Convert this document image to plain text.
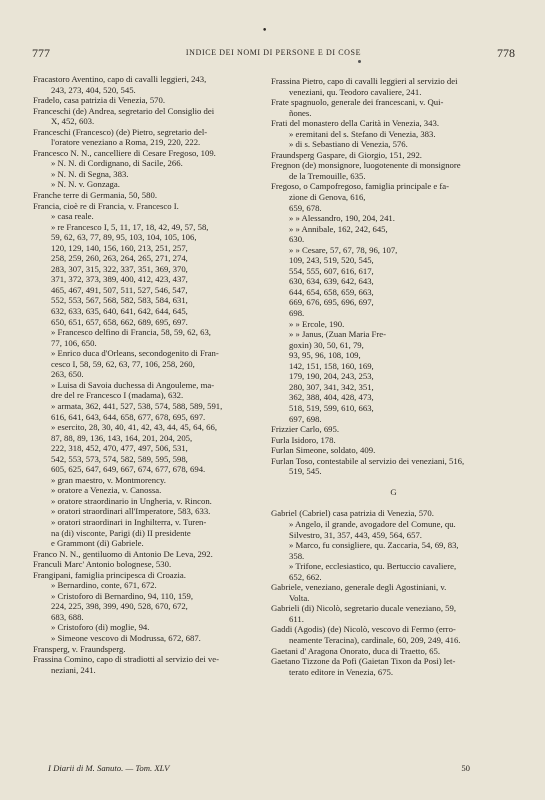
•
777	INDICE DEI NOMI DI PERSONE E DI COSE	778
Fracastoro Aventino, capo di cavalli leggieri, 243,
243, 273, 404, 520, 545.
Fradelo, casa patrizia di Venezia, 570.
Franceschi (de) Andrea, segretario del Consiglio dei
X, 452, 603.
Franceschi (Francesco) (de) Pietro, segretario del-
l'oratore veneziano a Roma, 219, 220, 222.
Francesco N. N., cancelliere di Cesare Fregoso, 109.
» N. N. di Cordignano, di Sacile, 266.
» N. N. di Segna, 383.
» N. N. v. Gonzaga.
Franche terre di Germania, 50, 580.
Francia, cioè re di Francia, v. Francesco I.
» casa reale.
» re Francesco I, 5, 11, 17, 18, 42, 49, 57, 58,
59, 62, 63, 77, 89, 95, 103, 104, 105, 106,
120, 129, 140, 156, 160, 213, 251, 257,
258, 259, 260, 263, 264, 265, 271, 274,
283, 307, 315, 322, 337, 351, 369, 370,
371, 372, 373, 389, 400, 412, 423, 437,
465, 467, 491, 507, 511, 527, 546, 547,
552, 553, 567, 568, 582, 583, 584, 631,
632, 633, 635, 640, 641, 642, 644, 645,
650, 651, 657, 658, 662, 689, 695, 697.
» Francesco delfino di Francia, 58, 59, 62, 63,
77, 106, 650.
» Enrico duca d'Orleans, secondogenito di Fran-
cesco I, 58, 59, 62, 63, 77, 106, 258, 260,
263, 650.
» Luisa di Savoia duchessa di Angouleme, ma-
dre del re Francesco I (madama), 632.
» armata, 362, 441, 527, 538, 574, 588, 589, 591,
616, 641, 643, 644, 658, 677, 678, 695, 697.
» esercito, 28, 30, 40, 41, 42, 43, 44, 45, 64, 66,
87, 88, 89, 136, 143, 164, 201, 204, 205,
222, 318, 452, 470, 477, 497, 506, 531,
542, 553, 573, 574, 582, 589, 595, 598,
605, 625, 647, 649, 667, 674, 677, 678, 694.
» gran maestro, v. Montmorency.
» oratore a Venezia, v. Canossa.
» oratore straordinario in Ungheria, v. Rincon.
» oratori straordinari all'Imperatore, 583, 633.
» oratori straordinari in Inghilterra, v. Turen-
na (di) visconte, Parigi (di) II presidente
e Grammont (di) Gabriele.
Franco N. N., gentiluomo di Antonio De Leva, 292.
Franculi Marc' Antonio bolognese, 530.
Frangipani, famiglia principesca di Croazia.
» Bernardino, conte, 671, 672.
» Cristoforo di Bernardino, 94, 110, 159,
224, 225, 398, 399, 490, 528, 670, 672,
683, 688.
» Cristoforo (di) moglie, 94.
» Simeone vescovo di Modrussa, 672, 687.
Fransperg, v. Fraundsperg.
Frassina Comino, capo di stradiotti al servizio dei ve-
neziani, 241.
Frassina Pietro, capo di cavalli leggieri al servizio dei
veneziani, qu. Teodoro cavaliere, 241.
Frate spagnuolo, generale dei francescani, v. Qui-
ñones.
Frati del monastero della Carità in Venezia, 343.
» eremitani del s. Stefano di Venezia, 383.
» di s. Sebastiano di Venezia, 576.
Fraundsperg Gaspare, di Giorgio, 151, 292.
Fregnon (de) monsignore, luogotenente di monsignore
de la Tremouille, 635.
Fregoso, o Campofregoso, famiglia principale e fa-
zione di Genova, 616,
659, 678.
» » Alessandro, 190, 204, 241.
» » Annibale, 162, 242, 645,
630.
» » Cesare, 57, 67, 78, 96, 107,
109, 243, 519, 520, 545,
554, 555, 607, 616, 617,
630, 634, 639, 642, 643,
644, 654, 658, 659, 663,
669, 676, 695, 696, 697,
698.
» » Ercole, 190.
» » Janus, (Zuan Maria Fre-
goxin) 30, 50, 61, 79,
93, 95, 96, 108, 109,
142, 151, 158, 160, 169,
179, 190, 204, 243, 253,
280, 307, 341, 342, 351,
362, 388, 404, 428, 473,
518, 519, 599, 610, 663,
697, 698.
Frizzier Carlo, 695.
Furla Isidoro, 178.
Furlan Simeone, soldato, 409.
Furlan Toso, contestabile al servizio dei veneziani, 516,
519, 545.
G
Gabriel (Cabriel) casa patrizia di Venezia, 570.
» Angelo, il grande, avogadore del Comune, qu.
Silvestro, 31, 357, 443, 459, 564, 657.
» Marco, fu consigliere, qu. Zaccaria, 54, 69, 83,
358.
» Trifone, ecclesiastico, qu. Bertuccio cavaliere,
652, 662.
Gabriele, veneziano, generale degli Agostiniani, v.
Volta.
Gabrieli (di) Nicolò, segretario ducale veneziano, 59,
611.
Gaddi (Agodis) (de) Nicolò, vescovo di Fermo (erro-
neamente Teracina), cardinale, 60, 209, 249, 416.
Gaetani d' Aragona Onorato, duca di Traetto, 65.
Gaetano Tizzone da Pofi (Gaietan Tixon da Posi) let-
terato editore in Venezia, 675.
I Diarii di M. Sanuto. — Tom. XLV	50
